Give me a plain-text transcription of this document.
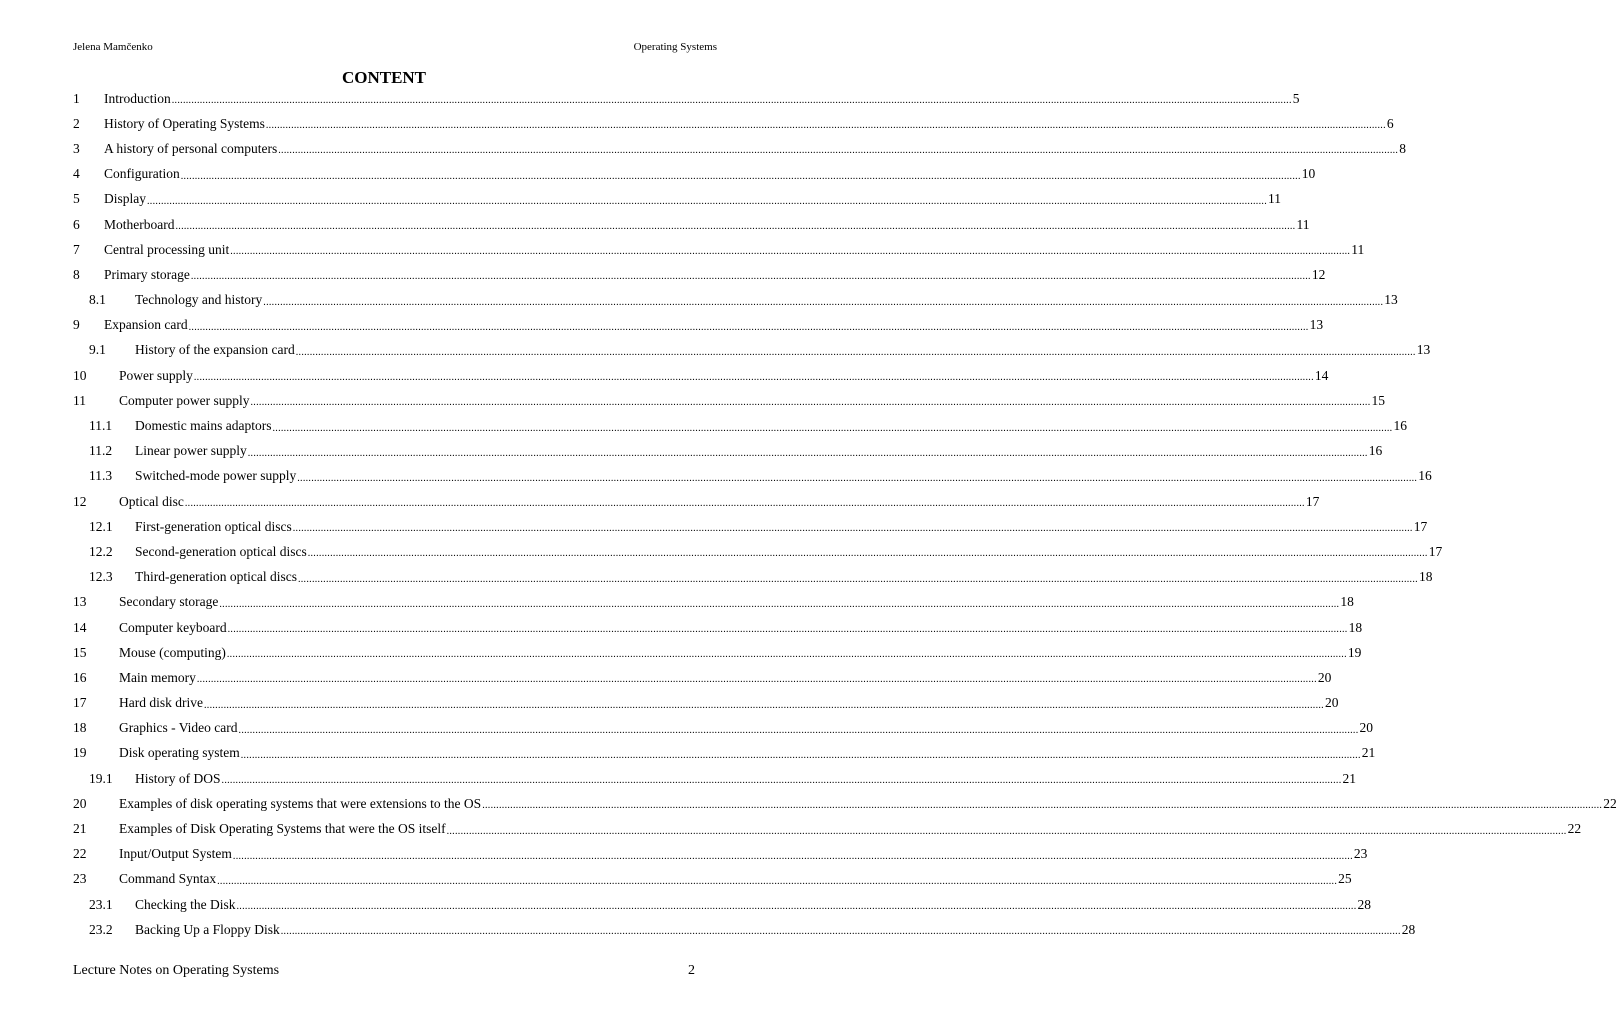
Jelena Mamčenko	Operating Systems
CONTENT
1 Introduction ................................................................................................................................................................................................................................................................................................................................................................................................................ 5
2 History of Operating Systems ................................................................................................................................................................................................................................................................................................................................................................................................................ 6
3 A history of personal computers ................................................................................................................................................................................................................................................................................................................................................................................................................ 8
4 Configuration ................................................................................................................................................................................................................................................................................................................................................................................................................ 10
5 Display ................................................................................................................................................................................................................................................................................................................................................................................................................ 11
6 Motherboard ................................................................................................................................................................................................................................................................................................................................................................................................................ 11
7 Central processing unit ................................................................................................................................................................................................................................................................................................................................................................................................................ 11
8 Primary storage ................................................................................................................................................................................................................................................................................................................................................................................................................ 12
8.1 Technology and history ................................................................................................................................................................................................................................................................................................................................................................................................................ 13
9 Expansion card ................................................................................................................................................................................................................................................................................................................................................................................................................ 13
9.1 History of the expansion card ................................................................................................................................................................................................................................................................................................................................................................................................................ 13
10 Power supply ................................................................................................................................................................................................................................................................................................................................................................................................................ 14
11 Computer power supply ................................................................................................................................................................................................................................................................................................................................................................................................................ 15
11.1 Domestic mains adaptors ................................................................................................................................................................................................................................................................................................................................................................................................................ 16
11.2 Linear power supply ................................................................................................................................................................................................................................................................................................................................................................................................................ 16
11.3 Switched-mode power supply ................................................................................................................................................................................................................................................................................................................................................................................................................ 16
12 Optical disc ................................................................................................................................................................................................................................................................................................................................................................................................................ 17
12.1 First-generation optical discs ................................................................................................................................................................................................................................................................................................................................................................................................................ 17
12.2 Second-generation optical discs ................................................................................................................................................................................................................................................................................................................................................................................................................ 17
12.3 Third-generation optical discs ................................................................................................................................................................................................................................................................................................................................................................................................................ 18
13 Secondary storage ................................................................................................................................................................................................................................................................................................................................................................................................................ 18
14 Computer keyboard ................................................................................................................................................................................................................................................................................................................................................................................................................ 18
15 Mouse (computing) ................................................................................................................................................................................................................................................................................................................................................................................................................ 19
16 Main memory ................................................................................................................................................................................................................................................................................................................................................................................................................ 20
17 Hard disk drive ................................................................................................................................................................................................................................................................................................................................................................................................................ 20
18 Graphics - Video card ................................................................................................................................................................................................................................................................................................................................................................................................................ 20
19 Disk operating system ................................................................................................................................................................................................................................................................................................................................................................................................................ 21
19.1 History of DOS ................................................................................................................................................................................................................................................................................................................................................................................................................ 21
20 Examples of disk operating systems that were extensions to the OS ................................................................................................................................................................................................................................................................................................................................................................................................................ 22
21 Examples of Disk Operating Systems that were the OS itself ................................................................................................................................................................................................................................................................................................................................................................................................................ 22
22 Input/Output System ................................................................................................................................................................................................................................................................................................................................................................................................................ 23
23 Command Syntax ................................................................................................................................................................................................................................................................................................................................................................................................................ 25
23.1 Checking the Disk ................................................................................................................................................................................................................................................................................................................................................................................................................ 28
23.2 Backing Up a Floppy Disk ................................................................................................................................................................................................................................................................................................................................................................................................................ 28
Lecture Notes on Operating Systems	2
